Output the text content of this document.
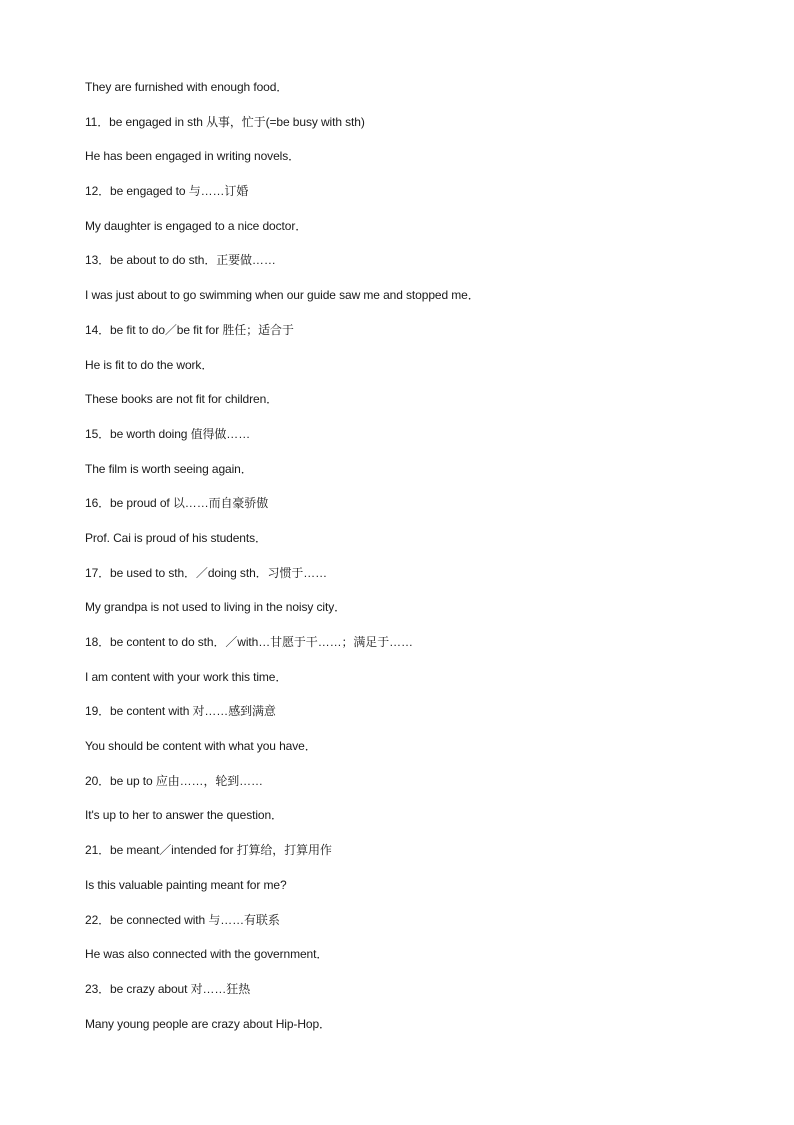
They are furnished with enough food．
11．be engaged in sth 从事，忙于(=be busy with sth)
He has been engaged in writing novels．
12．be engaged to 与……订婚
My daughter is engaged to a nice doctor．
13．be about to do sth．正要做……
I was just about to go swimming when our guide saw me and stopped me．
14．be fit to do／be fit for 胜任；适合于
He is fit to do the work．
These books are not fit for children．
15．be worth doing 值得做……
The film is worth seeing again．
16．be proud of 以……而自豪骄傲
Prof. Cai is proud of his students．
17．be used to sth．／doing sth．习惯于……
My grandpa is not used to living in the noisy city．
18．be content to do sth．／with…甘愿于干……；满足于……
I am content with your work this time．
19．be content with 对……感到满意
You should be content with what you have．
20．be up to 应由……，轮到……
It's up to her to answer the question．
21．be meant／intended for 打算给，打算用作
Is this valuable painting meant for me?
22．be connected with 与……有联系
He was also connected with the government．
23．be crazy about 对……狂热
Many young people are crazy about Hip-Hop．
